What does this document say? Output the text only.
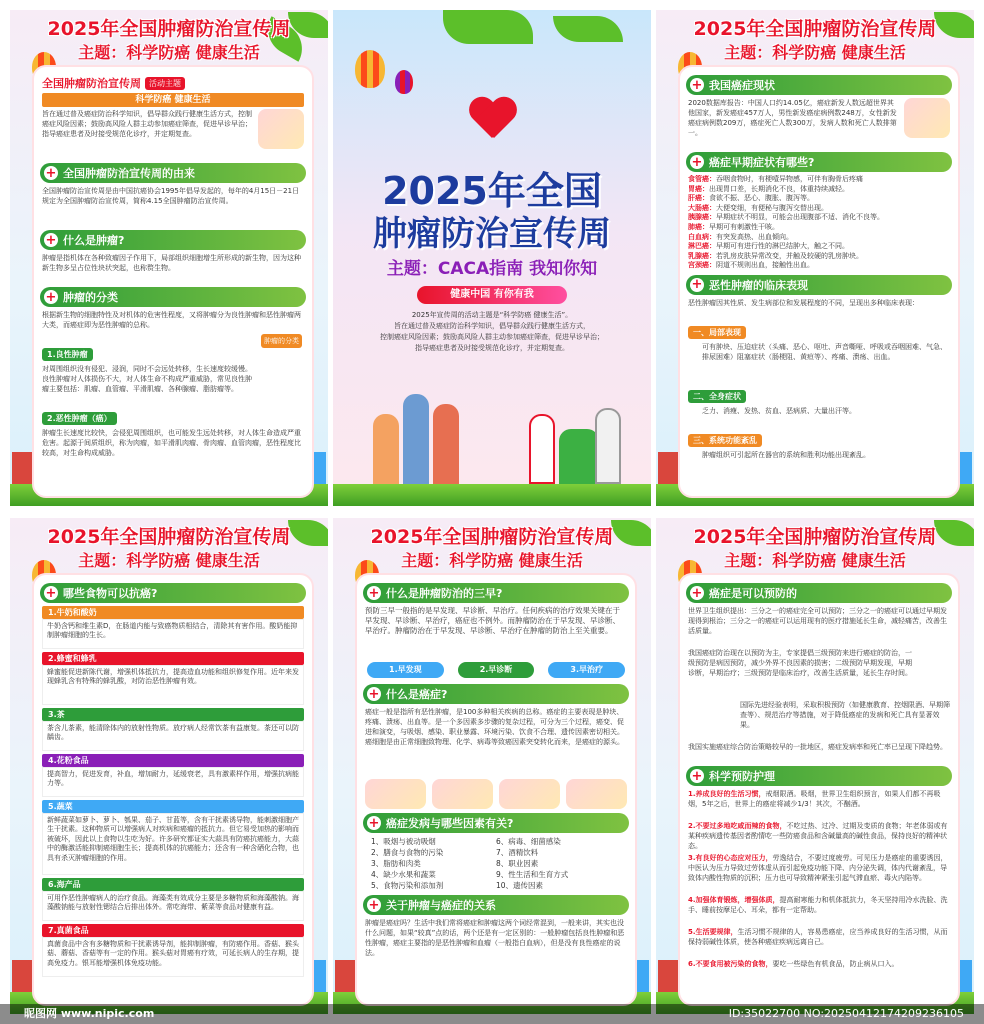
2025年全国肿瘤防治宣传周
主题：科学防癌 健康生活
全国肿瘤防治宣传周	活动主题
科学防癌 健康生活
旨在通过普及癌症防治科学知识，倡导群众践行健康生活方式，控制癌症风险因素；鼓励高风险人群主动参加癌症筛查，促进早诊早治；指导癌症患者及时接受规范化诊疗，并定期复查。
+ 全国肿瘤防治宣传周的由来
全国肿瘤防治宣传周是由中国抗癌协会1995年倡导发起的，每年的4月15日－21日规定为全国肿瘤防治宣传周，简称4.15全国肿瘤防治宣传周。
+ 什么是肿瘤?
肿瘤是指机体在各种致瘤因子作用下，局部组织细胞增生所形成的新生物，因为这种新生物多呈占位性块状突起，也称赘生物。
+ 肿瘤的分类
根据新生物的细胞特性及对机体的危害性程度，又将肿瘤分为良性肿瘤和恶性肿瘤两大类，而癌症即为恶性肿瘤的总称。
1.良性肿瘤
肿瘤的分类
对周围组织没有侵犯、浸润，同时不会远处转移，生长速度较缓慢。良性肿瘤对人体损伤不大，对人体生命不构成严重威胁，常见良性肿瘤主要包括：肌瘤、血管瘤、平滑肌瘤、各种腺瘤、脂肪瘤等。
2.恶性肿瘤（癌）
肿瘤生长速度比较快，会侵犯周围组织，也可能发生远处转移，对人体生命造成严重危害。起源于间质组织，称为肉瘤，如平滑肌肉瘤、骨肉瘤、血管肉瘤，恶性程度比较高，对生命构成威胁。
2025年全国
肿瘤防治宣传周
主题：CACA指南 我知你知
健康中国 有你有我
2025年宣传周的活动主题是“科学防癌 健康生活”。
旨在通过普及癌症防治科学知识，倡导群众践行健康生活方式，
控制癌症风险因素；鼓励高风险人群主动参加癌症筛查，促进早诊早治；
指导癌症患者及时接受规范化诊疗，并定期复查。
2025年全国肿瘤防治宣传周
主题：科学防癌 健康生活
+ 我国癌症现状
2020数据库报告：中国人口约14.05亿，癌症新发人数远超世界其他国家，新发癌症457万人，男性新发癌症病例数248万，女性新发癌症病例数209万，癌症死亡人数300万，发病人数和死亡人数排第一。
+ 癌症早期症状有哪些?
食管癌：吞咽食物时，有梗噎异物感，可伴有胸骨后疼痛
胃癌：出现胃口差，长期消化不良，体重持续减轻。
肝癌：食欲不振、恶心、腹胀、腹泻等。
大肠癌：大便变细，有便秘与腹泻交替出现。
胰腺癌：早期症状不明显，可能会出现腹部不适、消化不良等。
肺癌：早期可有刺激性干咳。
白血病：有突发高热、出血倾向。
淋巴癌：早期可有进行性的淋巴结肿大，触之不同。
乳腺癌：若乳房皮肤异常改变，并触及较硬的乳房肿块。
宫颈癌：阴道不规则出血，接触性出血。
+ 恶性肿瘤的临床表现
恶性肿瘤因其性质、发生病部位和发展程度的不同，呈现出多种临床表现：
一、局部表现
可有肿块、压迫症状（头痛、恶心、呕吐、声音嘶哑、呼吸或吞咽困难、气急、排尿困难）阻塞症状（肠梗阻、黄疸等）、疼痛、溃疡、出血。
二、全身症状
乏力、消瘦、发热、贫血、恶病质、大量出汗等。
三、系统功能紊乱
肿瘤组织可引起所在器官的系统和胜利功能出现紊乱。
2025年全国肿瘤防治宣传周
主题：科学防癌 健康生活
+ 哪些食物可以抗癌?
1.牛奶和酸奶
牛奶含钙和维生素D，在肠道内能与致癌物质相结合，清除其有害作用。酸奶能抑制肿瘤细胞的生长。
2.蜂蜜和蜂乳
蜂蜜能促进新陈代谢，增强机体抵抗力，提高造血功能和组织修复作用。近年来发现蜂乳含有特殊的蜂乳酸，对防治恶性肿瘤有效。
3.茶
茶含儿茶素，能清除体内的放射性物质。放疗病人经常饮茶有益康复。茶还可以防龋齿。
4.花粉食品
提高智力，促进发育，补血，增加耐力，延缓衰老，具有激素样作用，增强抗病能力等。
5.蔬菜
新鲜蔬菜如萝卜、萝卜、瓠果、茄子、甘蓝等，含有干扰素诱导物，能刺激细胞产生干扰素。这种物质可以增强病人对疾病和癌瘤的抵抗力。但它易受加热的影响而被破坏，因此以上食物以生吃为好。许多研究都证实大蒜具有防癌抗癌能力，大蒜中的酶激活能抑制癌细胞生长；提高机体的抗癌能力；还含有一种含硒化合物，也具有杀灭肿瘤细胞的作用。
6.海产品
可用作恶性肿瘤病人的治疗食品。海藻类有效成分主要是多糖物质和海藻酸钠。海藻酸钠能与放射性锶结合后排出体外。常吃海带、紫菜等食品对健康有益。
7.真菌食品
真菌食品中含有多糖物质和干扰素诱导剂，能抑制肿瘤，有防癌作用。香菇、猴头菇、蘑菇、香菇等有一定的作用。猴头菇对胃癌有疗效，可延长病人的生存期，提高免疫力。银耳能增强机体免疫功能。
2025年全国肿瘤防治宣传周
主题：科学防癌 健康生活
+ 什么是肿瘤防治的三早?
预防三早一般指的是早发现、早诊断、早治疗。任何疾病的治疗效果关键在于早发现、早诊断、早治疗，癌症也不例外。而肿瘤防治在于早发现、早诊断、早治疗。肿瘤防治在于早发现、早诊断、早治疗在肿瘤的防治上至关重要。
1.早发现	2.早诊断	3.早治疗
+ 什么是癌症?
癌症一般是指所有恶性肿瘤，是100多种相关疾病的总称。癌症的主要表现是肿块、疼痛、溃疡、出血等。是一个多因素多步骤的复杂过程，可分为三个过程，癌变、促进和演变，与吸烟、感染、职业暴露、环境污染、饮食不合理、遗传因素密切相关。癌细胞是由正常细胞致物理、化学、病毒等致癌因素突变转化而来，是癌症的源头。
+ 癌症发病与哪些因素有关?
1、吸烟与被动吸烟	6、病毒、细菌感染
2、膳食与食物的污染	7、酒精饮料
3、脂肪和肉类	8、职业因素
4、缺少水果和蔬菜	9、性生活和生育方式
5、食物污染和添加剂	10、遗传因素
+ 关于肿瘤与癌症的关系
肿瘤是癌症吗？生活中我们常将癌症和肿瘤这两个词经常混到，一般来讲，其实也没什么问题，如果“较真”点的话，两个还是有一定区别的：一般肿瘤包括良性肿瘤和恶性肿瘤，癌症主要指的是恶性肿瘤和血瘤（一般指白血病），但是没有良性癌症的说法。
2025年全国肿瘤防治宣传周
主题：科学防癌 健康生活
+ 癌症是可以预防的
世界卫生组织提出：三分之一的癌症完全可以预防；三分之一的癌症可以通过早期发现得到根治；三分之一的癌症可以运用现有的医疗措施延长生命，减轻痛苦，改善生活质量。
我国癌症防治现在以预防为主，专家提倡三级预防来进行癌症的防治，一级预防是病因预防，减少外界不良因素的损害；二级预防早期发现，早期诊断，早期治疗；三级预防是临床治疗，改善生活质量，延长生存时间。
国际先进经验表明，采取积极预防（如健康教育、控烟限酒、早期筛查等）、规范治疗等措施，对于降低癌症的发病和死亡具有显著效果。
我国实施癌症综合防治策略较早的一批地区，癌症发病率和死亡率已呈现下降趋势。
+ 科学预防护理
1.养成良好的生活习惯，戒烟限酒。吸烟，世界卫生组织预言，如果人们都不再吸烟，5年之后，世界上的癌症将减少1/3！其次，不酗酒。
2.不要过多地吃咸而辣的食物，不吃过热、过冷、过期及变质的食物；年老体弱或有某种疾病遗传基因者酌情吃一些防癌食品和含碱量高的碱性食品，保持良好的精神状态。
3.有良好的心态应对压力，劳逸结合，不要过度疲劳。可见压力是癌症的重要诱因，中医认为压力导致过劳体虚从而引起免疫功能下降、内分泌失调，体内代谢紊乱，导致体内酸性物质的沉积；压力也可导致精神紧张引起气滞血瘀、毒火内陷等。
4.加强体育锻炼，增强体质，提高耐寒能力和机体抵抗力，冬天坚持用冷水洗脸、洗手、睡前按摩足心、耳朵，都有一定帮助。
5.生活要规律，生活习惯不规律的人，容易患癌症，应当养成良好的生活习惯，从而保持弱碱性体质，使各种癌症疾病远离自己。
6.不要食用被污染的食物，要吃一些绿色有机食品，防止病从口入。
ID:35022700 NO:20250412174209236105
昵图网 www.nipic.com
